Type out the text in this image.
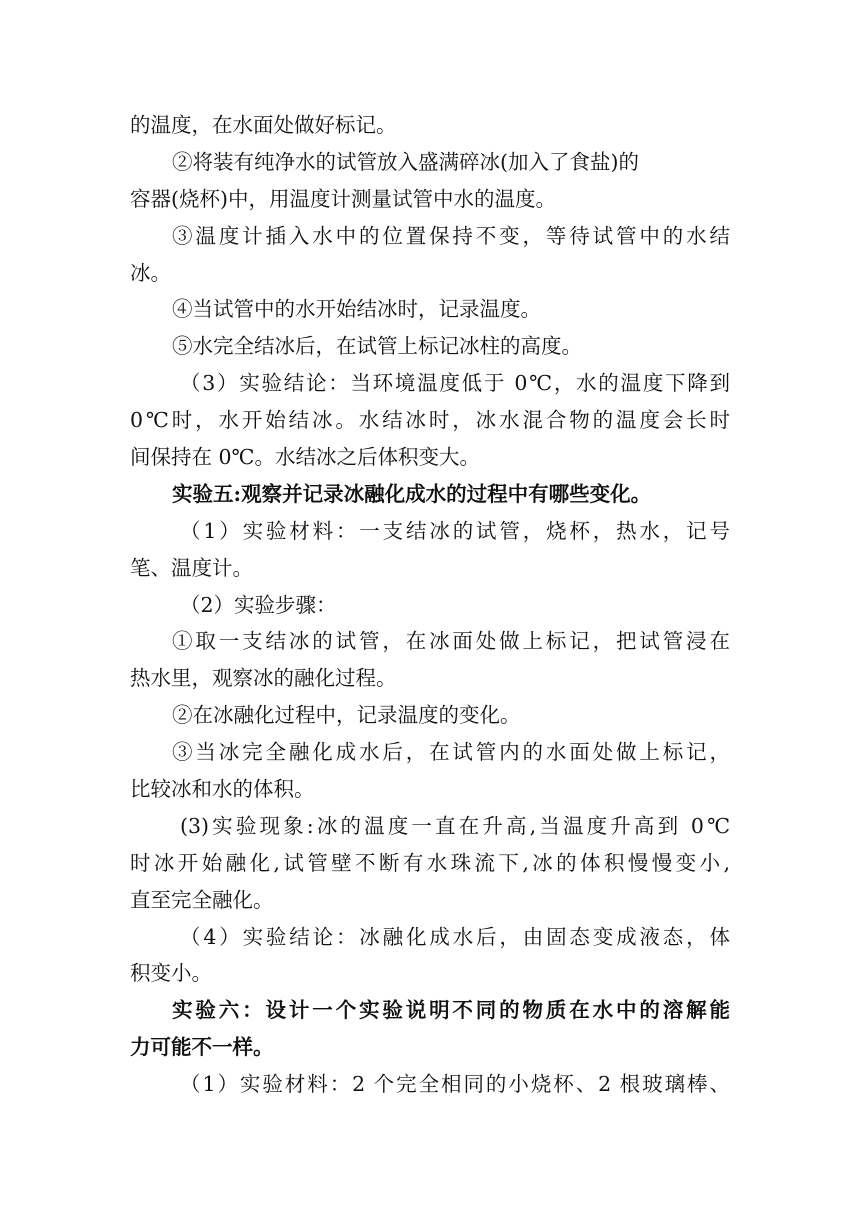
的温度，在水面处做好标记。
②将装有纯净水的试管放入盛满碎冰(加入了食盐)的
容器(烧杯)中，用温度计测量试管中水的温度。
③温度计插入水中的位置保持不变，等待试管中的水结
冰。
④当试管中的水开始结冰时，记录温度。
⑤水完全结冰后，在试管上标记冰柱的高度。
（3）实验结论：当环境温度低于 0℃，水的温度下降到
0℃时，水开始结冰。水结冰时，冰水混合物的温度会长时
间保持在 0℃。水结冰之后体积变大。
实验五:观察并记录冰融化成水的过程中有哪些变化。
（1）实验材料：一支结冰的试管，烧杯，热水，记号
笔、温度计。
（2）实验步骤：
①取一支结冰的试管，在冰面处做上标记，把试管浸在
热水里，观察冰的融化过程。
②在冰融化过程中，记录温度的变化。
③当冰完全融化成水后，在试管内的水面处做上标记，
比较冰和水的体积。
(3)实验现象:冰的温度一直在升高,当温度升高到 0℃
时冰开始融化,试管壁不断有水珠流下,冰的体积慢慢变小,
直至完全融化。
（4）实验结论：冰融化成水后，由固态变成液态，体
积变小。
实验六：设计一个实验说明不同的物质在水中的溶解能
力可能不一样。
（1）实验材料：2 个完全相同的小烧杯、2 根玻璃棒、
